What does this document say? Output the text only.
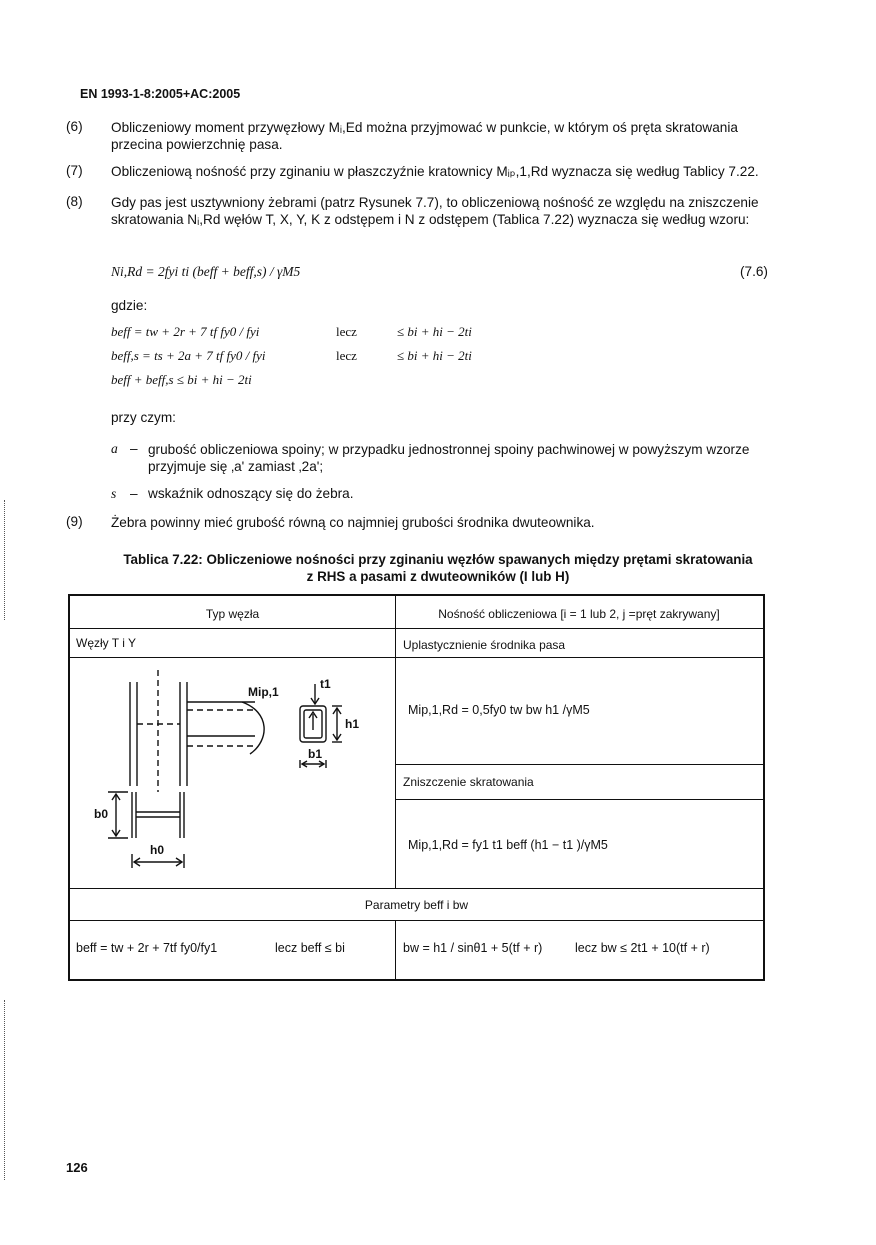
EN 1993-1-8:2005+AC:2005
(6) Obliczeniowy moment przywęzłowy Mᵢ,Ed można przyjmować w punkcie, w którym oś pręta skratowania przecina powierzchnię pasa.
(7) Obliczeniową nośność przy zginaniu w płaszczyźnie kratownicy Mᵢₚ,1,Rd wyznacza się według Tablicy 7.22.
(8) Gdy pas jest usztywniony żebrami (patrz Rysunek 7.7), to obliczeniową nośność ze względu na zniszczenie skratowania Nᵢ,Rd węłów T, X, Y, K z odstępem i N z odstępem (Tablica 7.22) wyznacza się według wzoru:
Ni,Rd = 2fyi ti (beff + beff,s) / γM5	(7.6)
gdzie:
beff = tw + 2r + 7 tf fy0 / fyi	lecz	≤ bi + hi − 2ti
beff,s = ts + 2a + 7 tf fy0 / fyi	lecz	≤ bi + hi − 2ti
beff + beff,s ≤ bi + hi − 2ti
przy czym:
a – grubość obliczeniowa spoiny; w przypadku jednostronnej spoiny pachwinowej w powyższym wzorze przyjmuje się ‚a' zamiast ‚2a';
s – wskaźnik odnoszący się do żebra.
(9) Żebra powinny mieć grubość równą co najmniej grubości środnika dwuteownika.
Tablica 7.22: Obliczeniowe nośności przy zginaniu węzłów spawanych między prętami skratowania
z RHS a pasami z dwuteowników (I lub H)
Typ węzła	Nośność obliczeniowa [i = 1 lub 2, j =pręt zakrywany]
Węzły T i Y	Uplastycznienie środnika pasa
Mip,1,Rd = 0,5fy0 tw bw h1 /γM5
Zniszczenie skratowania
Mip,1,Rd = fy1 t1 beff (h1 − t1 )/γM5
Parametry beff i bw
beff = tw + 2r + 7tf fy0/fy1	lecz beff ≤ bi	bw = h1 / sinθ1 + 5(tf + r)	lecz bw ≤ 2t1 + 10(tf + r)
Mip,1
t1
h1
b1
b0
h0
126
